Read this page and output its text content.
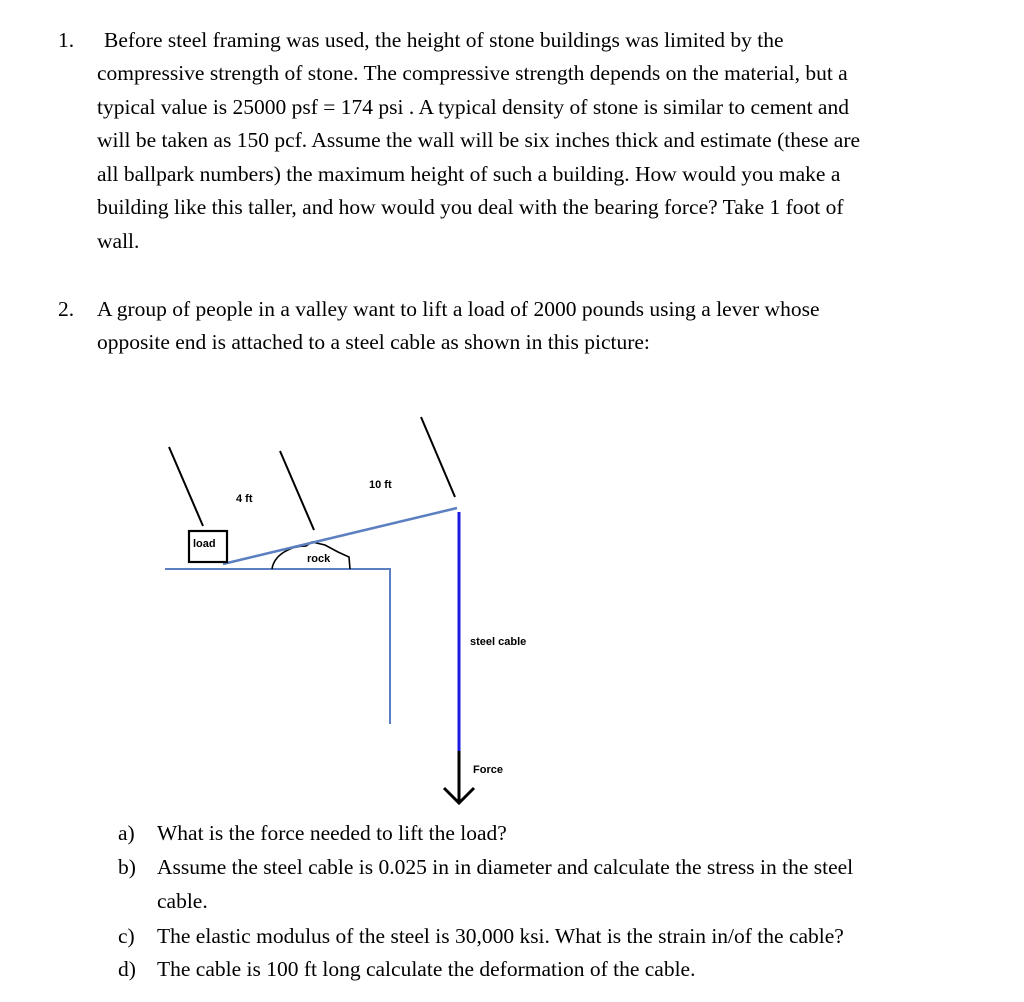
1. Before steel framing was used, the height of stone buildings was limited by the
compressive strength of stone. The compressive strength depends on the material, but a
typical value is 25000 psf = 174 psi . A typical density of stone is similar to cement and
will be taken as 150 pcf. Assume the wall will be six inches thick and estimate (these are
all ballpark numbers) the maximum height of such a building. How would you make a
building like this taller, and how would you deal with the bearing force? Take 1 foot of
wall.
2. A group of people in a valley want to lift a load of 2000 pounds using a lever whose
opposite end is attached to a steel cable as shown in this picture:
load
rock
4 ft
10 ft
steel cable
Force
a) What is the force needed to lift the load?
b) Assume the steel cable is 0.025 in in diameter and calculate the stress in the steel
cable.
c) The elastic modulus of the steel is 30,000 ksi. What is the strain in/of the cable?
d) The cable is 100 ft long calculate the deformation of the cable.
